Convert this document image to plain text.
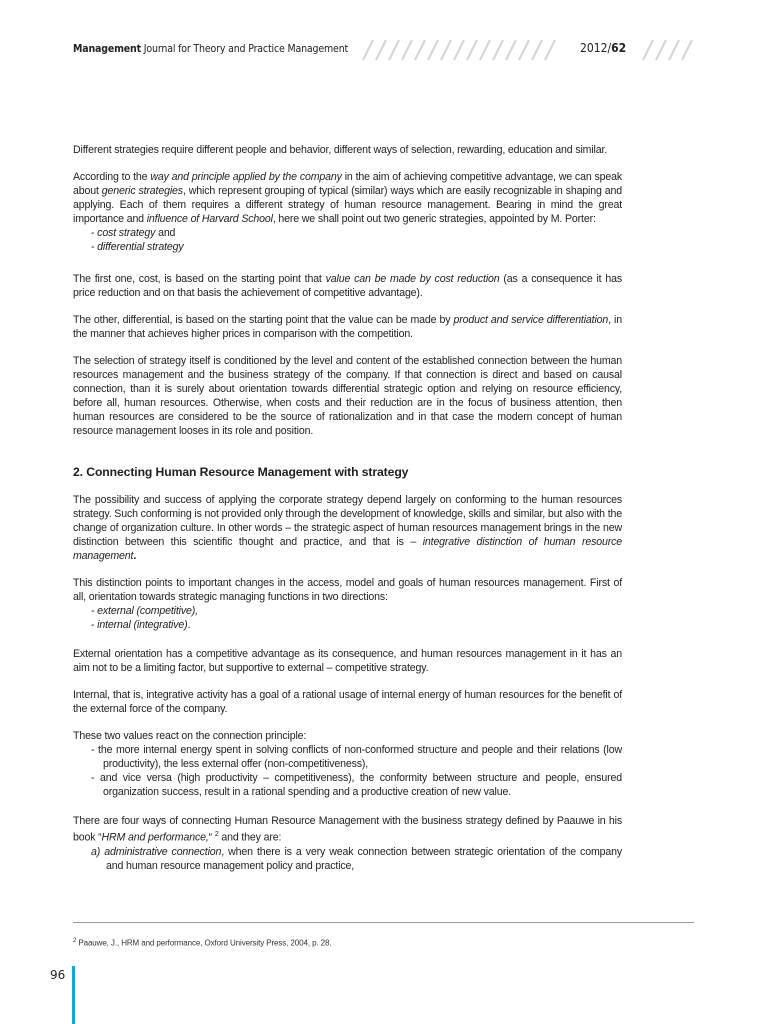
Management Journal for Theory and Practice Management	2012/62

Different strategies require different people and behavior, different ways of selection, rewarding, education and similar.

According to the way and principle applied by the company in the aim of achieving competitive advantage, we can speak about generic strategies, which represent grouping of typical (similar) ways which are easily recognizable in shaping and applying. Each of them requires a different strategy of human resource management. Bearing in mind the great importance and influence of Harvard School, here we shall point out two generic strategies, appointed by M. Porter:

- cost strategy and
- differential strategy

The first one, cost, is based on the starting point that value can be made by cost reduction (as a consequence it has price reduction and on that basis the achievement of competitive advantage).

The other, differential, is based on the starting point that the value can be made by product and service differentiation, in the manner that achieves higher prices in comparison with the competition.

The selection of strategy itself is conditioned by the level and content of the established connection between the human resources management and the business strategy of the company. If that connection is direct and based on causal connection, than it is surely about orientation towards differential strategic option and relying on resource efficiency, before all, human resources. Otherwise, when costs and their reduction are in the focus of business attention, then human resources are considered to be the source of rationalization and in that case the modern concept of human resource management looses in its role and position.

2. Connecting Human Resource Management with strategy

The possibility and success of applying the corporate strategy depend largely on conforming to the human resources strategy. Such conforming is not provided only through the development of knowledge, skills and similar, but also with the change of organization culture. In other words – the strategic aspect of human resources management brings in the new distinction between this scientific thought and practice, and that is – integrative distinction of human resource management.

This distinction points to important changes in the access, model and goals of human resources management. First of all, orientation towards strategic managing functions in two directions:

- external (competitive),
- internal (integrative).

External orientation has a competitive advantage as its consequence, and human resources management in it has an aim not to be a limiting factor, but supportive to external – competitive strategy.

Internal, that is, integrative activity has a goal of a rational usage of internal energy of human resources for the benefit of the external force of the company.

These two values react on the connection principle:

- the more internal energy spent in solving conflicts of non-conformed structure and people and their relations (low productivity), the less external offer (non-competitiveness),
- and vice versa (high productivity – competitiveness), the conformity between structure and people, ensured organization success, result in a rational spending and a productive creation of new value.

There are four ways of connecting Human Resource Management with the business strategy defined by Paauwe in his book “HRM and performance,“ $^2$ and they are:

a) administrative connection, when there is a very weak connection between strategic orientation of the company and human resource management policy and practice,
$^2$ Paauwe, J., HRM and performance, Oxford University Press, 2004, p. 28.
96
